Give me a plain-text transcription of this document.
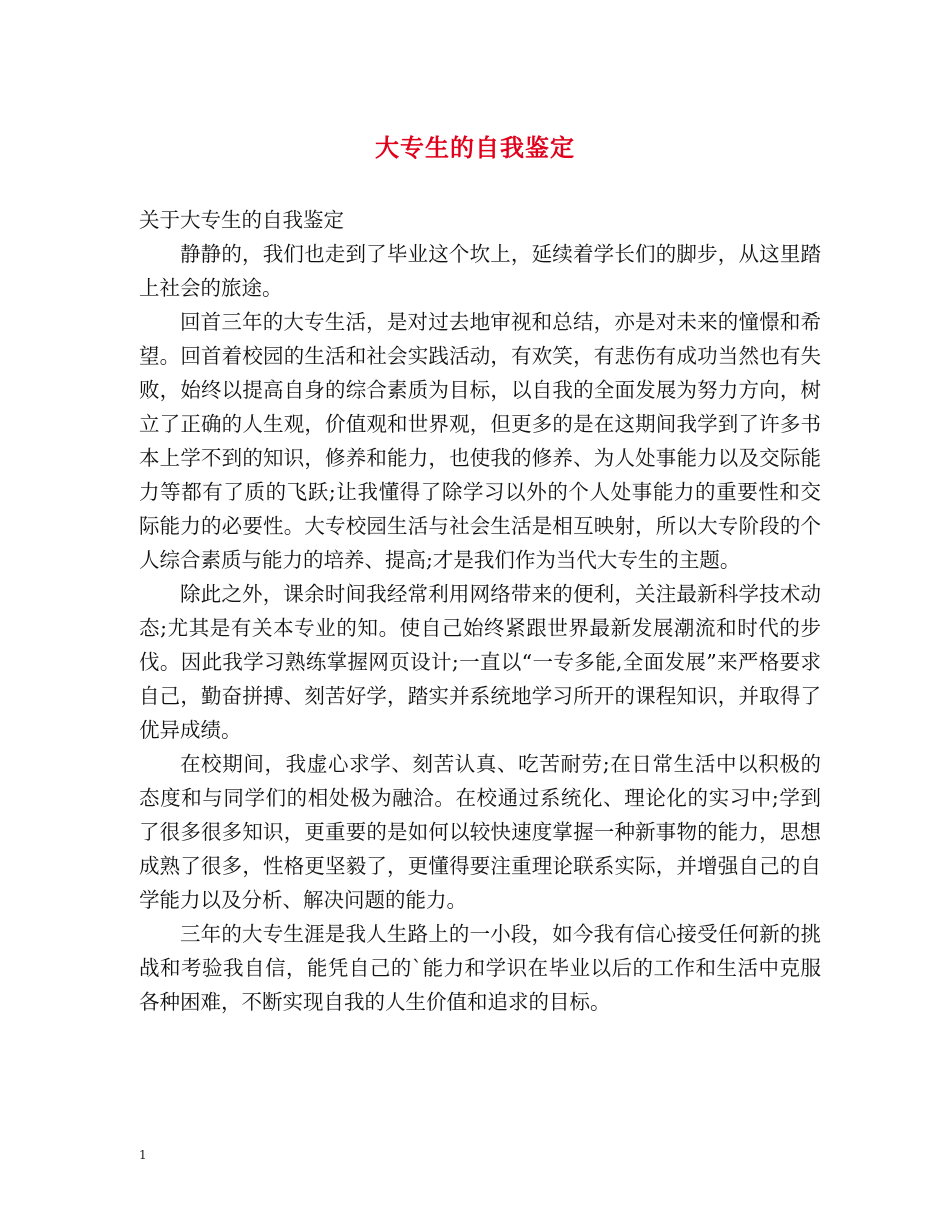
大专生的自我鉴定

关于大专生的自我鉴定

静静的，我们也走到了毕业这个坎上，延续着学长们的脚步，从这里踏上社会的旅途。

回首三年的大专生活，是对过去地审视和总结，亦是对未来的憧憬和希望。回首着校园的生活和社会实践活动，有欢笑，有悲伤有成功当然也有失败，始终以提高自身的综合素质为目标，以自我的全面发展为努力方向，树立了正确的人生观，价值观和世界观，但更多的是在这期间我学到了许多书本上学不到的知识，修养和能力，也使我的修养、为人处事能力以及交际能力等都有了质的飞跃;让我懂得了除学习以外的个人处事能力的重要性和交际能力的必要性。大专校园生活与社会生活是相互映射，所以大专阶段的个人综合素质与能力的培养、提高;才是我们作为当代大专生的主题。

除此之外，课余时间我经常利用网络带来的便利，关注最新科学技术动态;尤其是有关本专业的知。使自己始终紧跟世界最新发展潮流和时代的步伐。因此我学习熟练掌握网页设计;一直以“一专多能,全面发展”来严格要求自己，勤奋拼搏、刻苦好学，踏实并系统地学习所开的课程知识，并取得了优异成绩。

在校期间，我虚心求学、刻苦认真、吃苦耐劳;在日常生活中以积极的态度和与同学们的相处极为融洽。在校通过系统化、理论化的实习中;学到了很多很多知识，更重要的是如何以较快速度掌握一种新事物的能力，思想成熟了很多，性格更坚毅了，更懂得要注重理论联系实际，并增强自己的自学能力以及分析、解决问题的能力。

三年的大专生涯是我人生路上的一小段，如今我有信心接受任何新的挑战和考验我自信，能凭自己的`能力和学识在毕业以后的工作和生活中克服各种困难，不断实现自我的人生价值和追求的目标。

1
